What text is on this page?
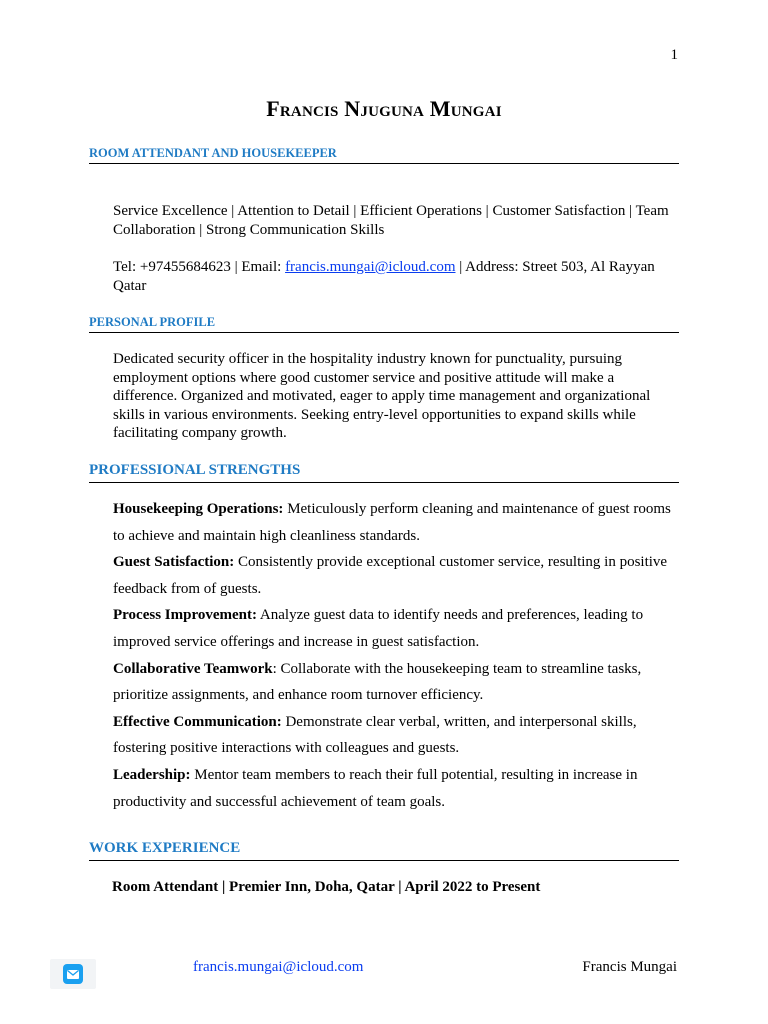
1
Francis Njuguna Mungai
ROOM ATTENDANT AND HOUSEKEEPER
Service Excellence | Attention to Detail | Efficient Operations | Customer Satisfaction | Team Collaboration | Strong Communication Skills
Tel: +97455684623 | Email: francis.mungai@icloud.com | Address: Street 503, Al Rayyan Qatar
PERSONAL PROFILE
Dedicated security officer in the hospitality industry known for punctuality, pursuing employment options where good customer service and positive attitude will make a difference. Organized and motivated, eager to apply time management and organizational skills in various environments. Seeking entry-level opportunities to expand skills while facilitating company growth.
PROFESSIONAL STRENGTHS
Housekeeping Operations: Meticulously perform cleaning and maintenance of guest rooms to achieve and maintain high cleanliness standards.
Guest Satisfaction: Consistently provide exceptional customer service, resulting in positive feedback from of guests.
Process Improvement: Analyze guest data to identify needs and preferences, leading to improved service offerings and increase in guest satisfaction.
Collaborative Teamwork: Collaborate with the housekeeping team to streamline tasks, prioritize assignments, and enhance room turnover efficiency.
Effective Communication: Demonstrate clear verbal, written, and interpersonal skills, fostering positive interactions with colleagues and guests.
Leadership: Mentor team members to reach their full potential, resulting in increase in productivity and successful achievement of team goals.
WORK EXPERIENCE
Room Attendant | Premier Inn, Doha, Qatar | April 2022 to Present
francis.mungai@icloud.com	Francis Mungai
